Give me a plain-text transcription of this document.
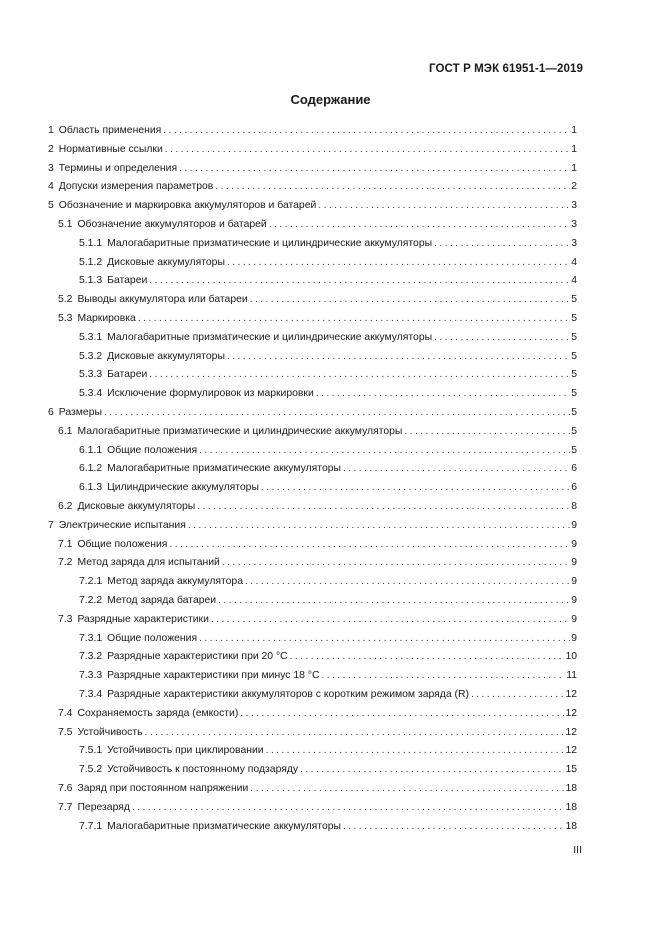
ГОСТ Р МЭК 61951-1—2019
Содержание
1 Область применения . . .	1
2 Нормативные ссылки . . .	1
3 Термины и определения . . .	1
4 Допуски измерения параметров . . .	2
5 Обозначение и маркировка аккумуляторов и батарей . . .	3
5.1 Обозначение аккумуляторов и батарей . . .	3
5.1.1 Малогабаритные призматические и цилиндрические аккумуляторы . . .	3
5.1.2 Дисковые аккумуляторы . . .	4
5.1.3 Батареи . . .	4
5.2 Выводы аккумулятора или батареи . . .	5
5.3 Маркировка . . .	5
5.3.1 Малогабаритные призматические и цилиндрические аккумуляторы . . .	5
5.3.2 Дисковые аккумуляторы . . .	5
5.3.3 Батареи . . .	5
5.3.4 Исключение формулировок из маркировки . . .	5
6 Размеры . . .	5
6.1 Малогабаритные призматические и цилиндрические аккумуляторы . . .	5
6.1.1 Общие положения . . .	5
6.1.2 Малогабаритные призматические аккумуляторы . . .	6
6.1.3 Цилиндрические аккумуляторы . . .	6
6.2 Дисковые аккумуляторы . . .	8
7 Электрические испытания . . .	9
7.1 Общие положения . . .	9
7.2 Метод заряда для испытаний . . .	9
7.2.1 Метод заряда аккумулятора . . .	9
7.2.2 Метод заряда батареи . . .	9
7.3 Разрядные характеристики . . .	9
7.3.1 Общие положения . . .	9
7.3.2 Разрядные характеристики при 20 °С . . .	10
7.3.3 Разрядные характеристики при минус 18 °С . . .	11
7.3.4 Разрядные характеристики аккумуляторов с коротким режимом заряда (R) . . .	12
7.4 Сохраняемость заряда (емкости) . . .	12
7.5 Устойчивость . . .	12
7.5.1 Устойчивость при циклировании . . .	12
7.5.2 Устойчивость к постоянному подзаряду . . .	15
7.6 Заряд при постоянном напряжении . . .	18
7.7 Перезаряд . . .	18
7.7.1 Малогабаритные призматические аккумуляторы . . .	18
III
